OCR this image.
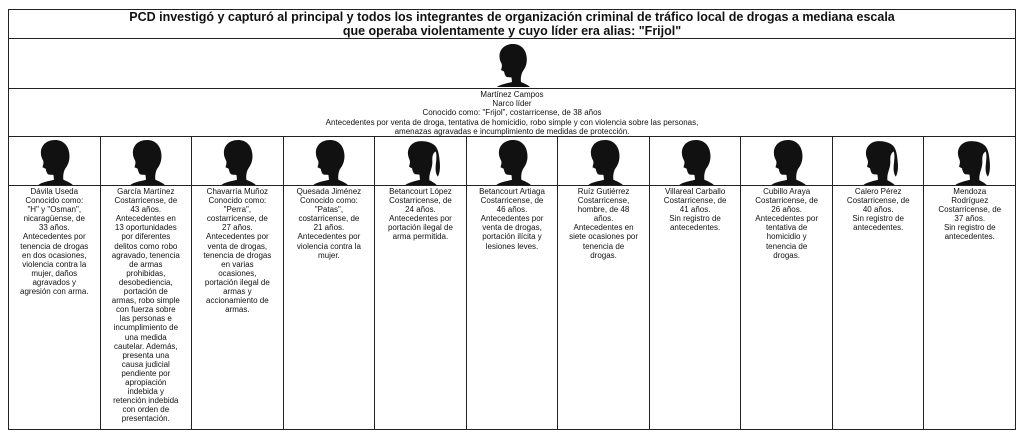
PCD investigó y capturó al principal y todos los integrantes de organización criminal de tráfico local de drogas a mediana escala
que operaba violentamente y cuyo líder era alias: "Frijol"
Martínez Campos
Narco líder
Conocido como: "Frijol", costarricense, de 38 años
Antecedentes por venta de droga, tentativa de homicidio, robo simple y con violencia sobre las personas,
amenazas agravadas e incumplimiento de medidas de protección.
Dávila Useda
Conocido como:
"H" y "Osman",
nicaragüense, de
33 años.
Antecedentes por
tenencia de drogas
en dos ocasiones,
violencia contra la
mujer, daños
agravados y
agresión con arma.
García Martínez
Costarricense, de
43 años.
Antecedentes en
13 oportunidades
por diferentes
delitos como robo
agravado, tenencia
de armas
prohibidas,
desobediencia,
portación de
armas, robo simple
con fuerza sobre
las personas e
incumplimiento de
una medida
cautelar. Además,
presenta una
causa judicial
pendiente por
apropiación
indebida y
retención indebida
con orden de
presentación.
Chavarría Muñoz
Conocido como:
"Perra",
costarricense, de
27 años.
Antecedentes por
venta de drogas,
tenencia de drogas
en varias
ocasiones,
portación ilegal de
armas y
accionamiento de
armas.
Quesada Jiménez
Conocido como:
"Patas",
costarricense, de
21 años.
Antecedentes por
violencia contra la
mujer.
Betancourt López
Costarricense, de
24 años.
Antecedentes por
portación ilegal de
arma permitida.
Betancourt Artiaga
Costarricense, de
46 años.
Antecedentes por
venta de drogas,
portación ilícita y
lesiones leves.
Ruíz Gutiérrez
Costarricense,
hombre, de 48
años.
Antecedentes en
siete ocasiones por
tenencia de
drogas.
Villareal Carballo
Costarricense, de
41 años.
Sin registro de
antecedentes.
Cubillo Araya
Costarricense, de
26 años.
Antecedentes por
tentativa de
homicidio y
tenencia de
drogas.
Calero Pérez
Costarricense, de
40 años.
Sin registro de
antecedentes.
Mendoza
Rodríguez
Costarricense, de
37 años.
Sin registro de
antecedentes.
